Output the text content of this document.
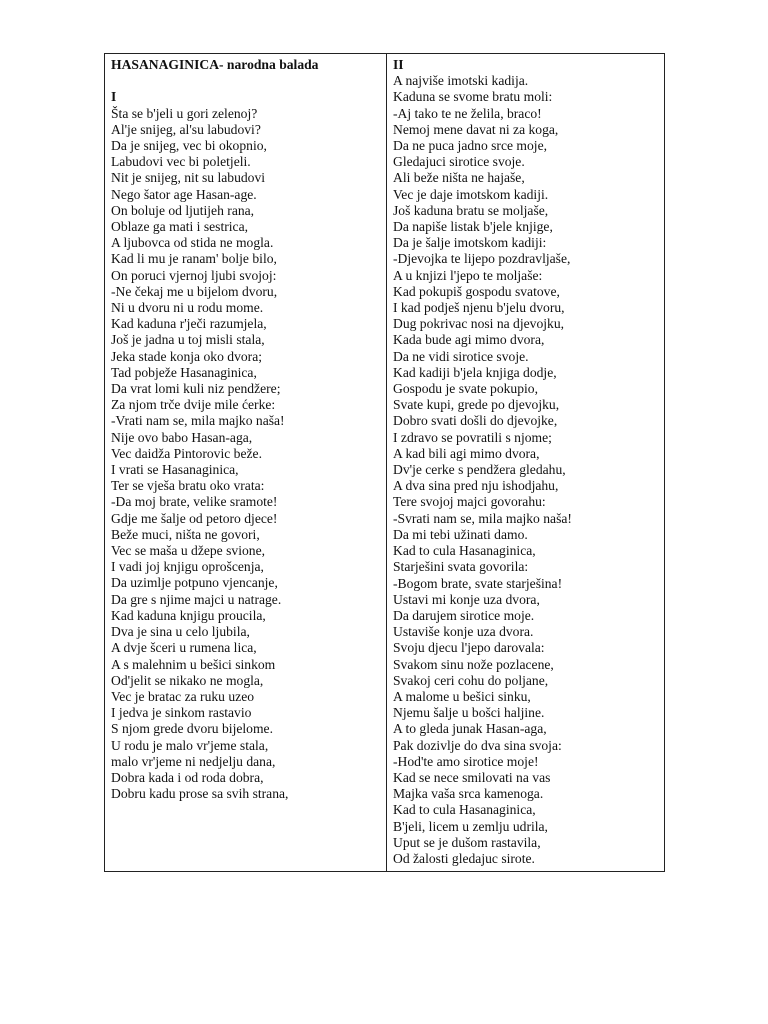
HASANAGINICA- narodna balada
I
Šta se b'jeli u gori zelenoj?
Al'je snijeg, al'su labudovi?
Da je snijeg, vec bi okopnio,
Labudovi vec bi poletjeli.
Nit je snijeg, nit su labudovi
Nego šator age Hasan-age.
On boluje od ljutijeh rana,
Oblaze ga mati i sestrica,
A ljubovca od stida ne mogla.
Kad li mu je ranam' bolje bilo,
On poruci vjernoj ljubi svojoj:
-Ne čekaj me u bijelom dvoru,
Ni u dvoru ni u rodu mome.
Kad kaduna r'ječi razumjela,
Još je jadna u toj misli stala,
Jeka stade konja oko dvora;
Tad pobježe Hasanaginica,
Da vrat lomi kuli niz pendžere;
Za njom trče dvije mile ćerke:
-Vrati nam se, mila majko naša!
Nije ovo babo Hasan-aga,
Vec daidža Pintorovic beže.
I vrati se Hasanaginica,
Ter se vješa bratu oko vrata:
-Da moj brate, velike sramote!
Gdje me šalje od petoro djece!
Beže muci, ništa ne govori,
Vec se maša u džepe svione,
I vadi joj knjigu oprošcenja,
Da uzimlje potpuno vjencanje,
Da gre s njime majci u natrage.
Kad kaduna knjigu proucila,
Dva je sina u celo ljubila,
A dvje šceri u rumena lica,
A s malehnim u bešici sinkom
Od'jelit se nikako ne mogla,
Vec je bratac za ruku uzeo
I jedva je sinkom rastavio
S njom grede dvoru bijelome.
U rodu je malo vr'jeme stala,
malo vr'jeme ni nedjelju dana,
Dobra kada i od roda dobra,
Dobru kadu prose sa svih strana,
II
A najviše imotski kadija.
Kaduna se svome bratu moli:
-Aj tako te ne želila, braco!
Nemoj mene davat ni za koga,
Da ne puca jadno srce moje,
Gledajuci sirotice svoje.
Ali beže ništa ne hajaše,
Vec je daje imotskom kadiji.
Još kaduna bratu se moljaše,
Da napiše listak b'jele knjige,
Da je šalje imotskom kadiji:
-Djevojka te lijepo pozdravljaše,
A u knjizi l'jepo te moljaše:
Kad pokupiš gospodu svatove,
I kad podješ njenu b'jelu dvoru,
Dug pokrivac nosi na djevojku,
Kada bude agi mimo dvora,
Da ne vidi sirotice svoje.
Kad kadiji b'jela knjiga dodje,
Gospodu je svate pokupio,
Svate kupi, grede po djevojku,
Dobro svati došli do djevojke,
I zdravo se povratili s njome;
A kad bili agi mimo dvora,
Dv'je cerke s pendžera gledahu,
A dva sina pred nju ishodjahu,
Tere svojoj majci govorahu:
-Svrati nam se, mila majko naša!
Da mi tebi užinati damo.
Kad to cula Hasanaginica,
Starješini svata govorila:
-Bogom brate, svate starješina!
Ustavi mi konje uza dvora,
Da darujem sirotice moje.
Ustaviše konje uza dvora.
Svoju djecu l'jepo darovala:
Svakom sinu nože pozlacene,
Svakoj ceri cohu do poljane,
A malome u bešici sinku,
Njemu šalje u bošci haljine.
A to gleda junak Hasan-aga,
Pak dozivlje do dva sina svoja:
-Hod'te amo sirotice moje!
Kad se nece smilovati na vas
Majka vaša srca kamenoga.
Kad to cula Hasanaginica,
B'jeli, licem u zemlju udrila,
Uput se je dušom rastavila,
Od žalosti gledajuc sirote.
